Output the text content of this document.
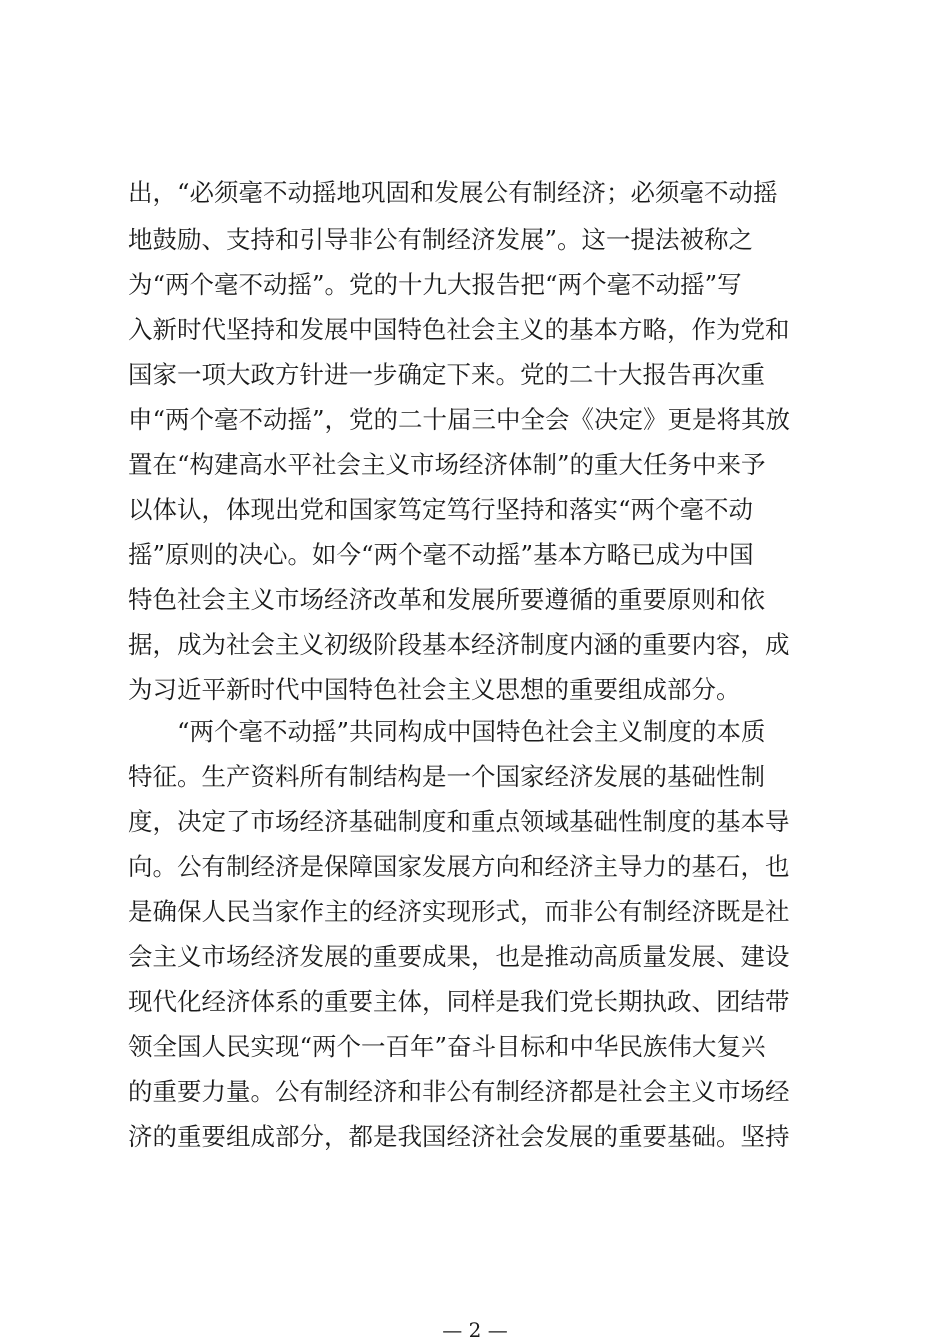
出，“必须毫不动摇地巩固和发展公有制经济；必须毫不动摇
地鼓励、支持和引导非公有制经济发展”。这一提法被称之
为“两个毫不动摇”。党的十九大报告把“两个毫不动摇”写
入新时代坚持和发展中国特色社会主义的基本方略，作为党和
国家一项大政方针进一步确定下来。党的二十大报告再次重
申“两个毫不动摇”，党的二十届三中全会《决定》更是将其放
置在“构建高水平社会主义市场经济体制”的重大任务中来予
以体认，体现出党和国家笃定笃行坚持和落实“两个毫不动
摇”原则的决心。如今“两个毫不动摇”基本方略已成为中国
特色社会主义市场经济改革和发展所要遵循的重要原则和依
据，成为社会主义初级阶段基本经济制度内涵的重要内容，成
为习近平新时代中国特色社会主义思想的重要组成部分。
“两个毫不动摇”共同构成中国特色社会主义制度的本质
特征。生产资料所有制结构是一个国家经济发展的基础性制
度，决定了市场经济基础制度和重点领域基础性制度的基本导
向。公有制经济是保障国家发展方向和经济主导力的基石，也
是确保人民当家作主的经济实现形式，而非公有制经济既是社
会主义市场经济发展的重要成果，也是推动高质量发展、建设
现代化经济体系的重要主体，同样是我们党长期执政、团结带
领全国人民实现“两个一百年”奋斗目标和中华民族伟大复兴
的重要力量。公有制经济和非公有制经济都是社会主义市场经
济的重要组成部分，都是我国经济社会发展的重要基础。坚持
— 2 —
